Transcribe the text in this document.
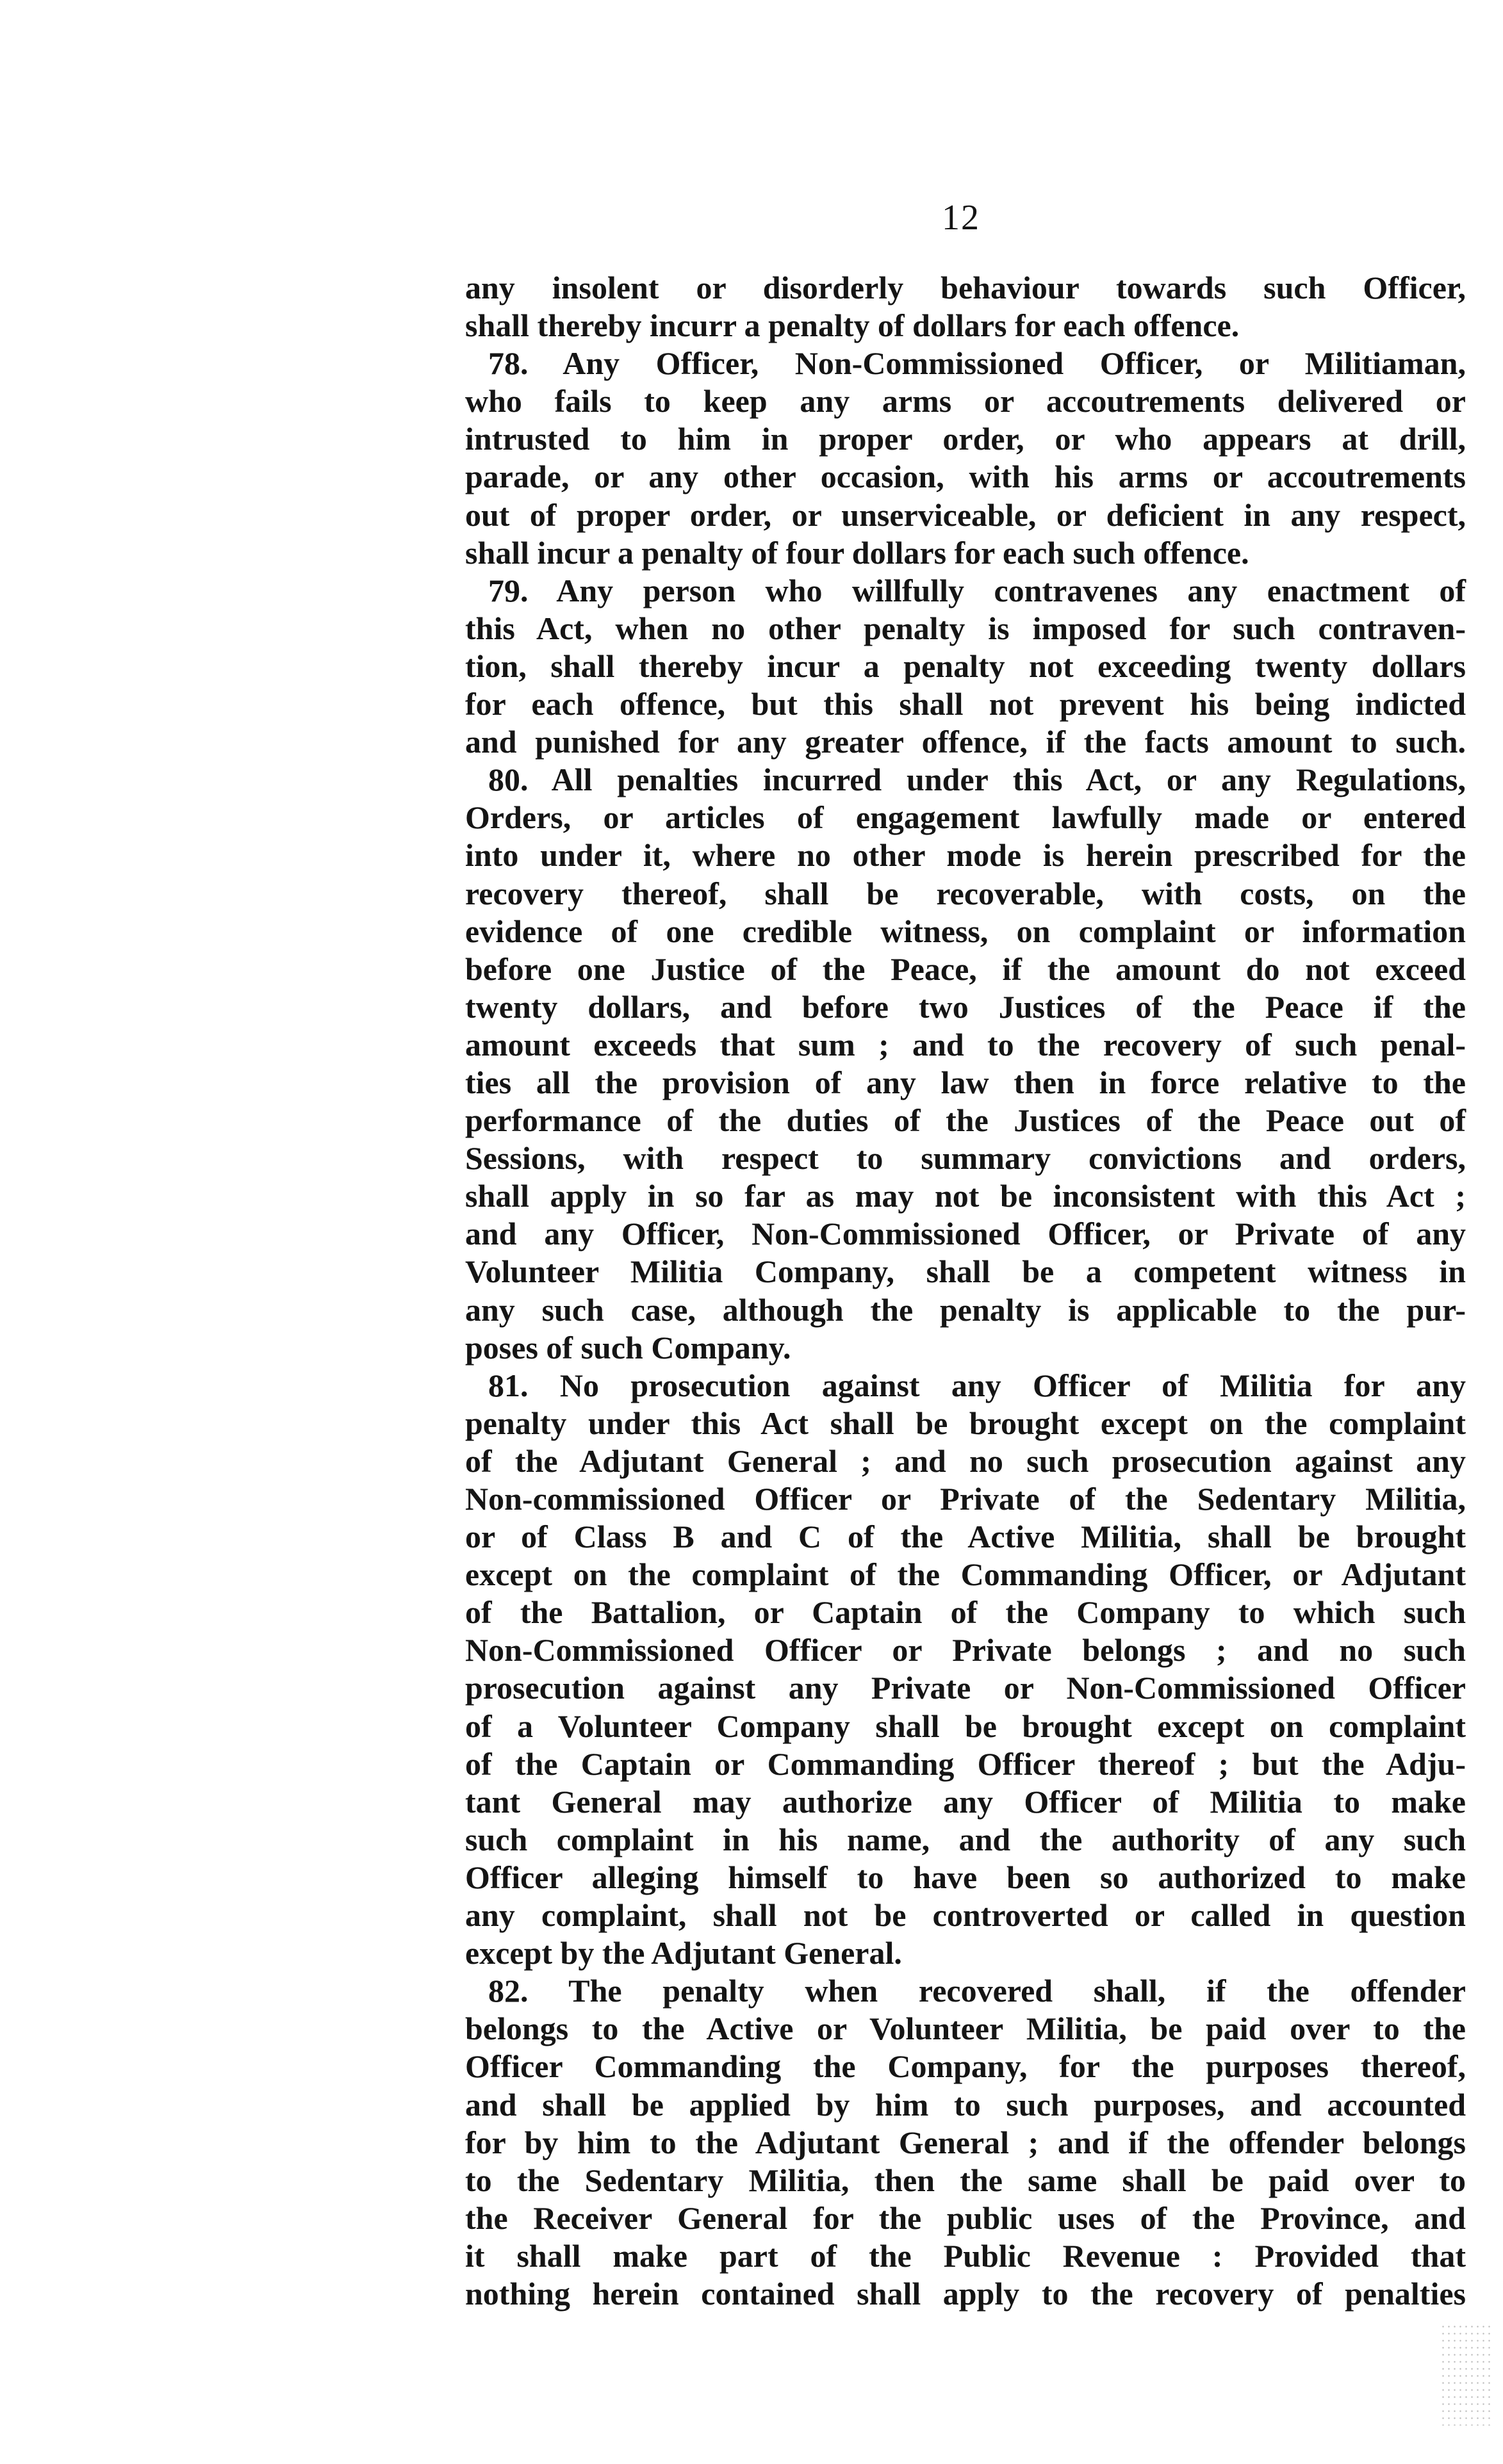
12
any insolent or disorderly behaviour towards such Officer,
shall thereby incurr a penalty of dollars for each offence.
78. Any Officer, Non-Commissioned Officer, or Militiaman,
who fails to keep any arms or accoutrements delivered or
intrusted to him in proper order, or who appears at drill,
parade, or any other occasion, with his arms or accoutrements
out of proper order, or unserviceable, or deficient in any respect,
shall incur a penalty of four dollars for each such offence.
79. Any person who willfully contravenes any enactment of
this Act, when no other penalty is imposed for such contraven-
tion, shall thereby incur a penalty not exceeding twenty dollars
for each offence, but this shall not prevent his being indicted
and punished for any greater offence, if the facts amount to such.
80. All penalties incurred under this Act, or any Regulations,
Orders, or articles of engagement lawfully made or entered
into under it, where no other mode is herein prescribed for the
recovery thereof, shall be recoverable, with costs, on the
evidence of one credible witness, on complaint or information
before one Justice of the Peace, if the amount do not exceed
twenty dollars, and before two Justices of the Peace if the
amount exceeds that sum ; and to the recovery of such penal-
ties all the provision of any law then in force relative to the
performance of the duties of the Justices of the Peace out of
Sessions, with respect to summary convictions and orders,
shall apply in so far as may not be inconsistent with this Act ;
and any Officer, Non-Commissioned Officer, or Private of any
Volunteer Militia Company, shall be a competent witness in
any such case, although the penalty is applicable to the pur-
poses of such Company.
81. No prosecution against any Officer of Militia for any
penalty under this Act shall be brought except on the complaint
of the Adjutant General ; and no such prosecution against any
Non-commissioned Officer or Private of the Sedentary Militia,
or of Class B and C of the Active Militia, shall be brought
except on the complaint of the Commanding Officer, or Adjutant
of the Battalion, or Captain of the Company to which such
Non-Commissioned Officer or Private belongs ; and no such
prosecution against any Private or Non-Commissioned Officer
of a Volunteer Company shall be brought except on complaint
of the Captain or Commanding Officer thereof ; but the Adju-
tant General may authorize any Officer of Militia to make
such complaint in his name, and the authority of any such
Officer alleging himself to have been so authorized to make
any complaint, shall not be controverted or called in question
except by the Adjutant General.
82. The penalty when recovered shall, if the offender
belongs to the Active or Volunteer Militia, be paid over to the
Officer Commanding the Company, for the purposes thereof,
and shall be applied by him to such purposes, and accounted
for by him to the Adjutant General ; and if the offender belongs
to the Sedentary Militia, then the same shall be paid over to
the Receiver General for the public uses of the Province, and
it shall make part of the Public Revenue : Provided that
nothing herein contained shall apply to the recovery of penalties
